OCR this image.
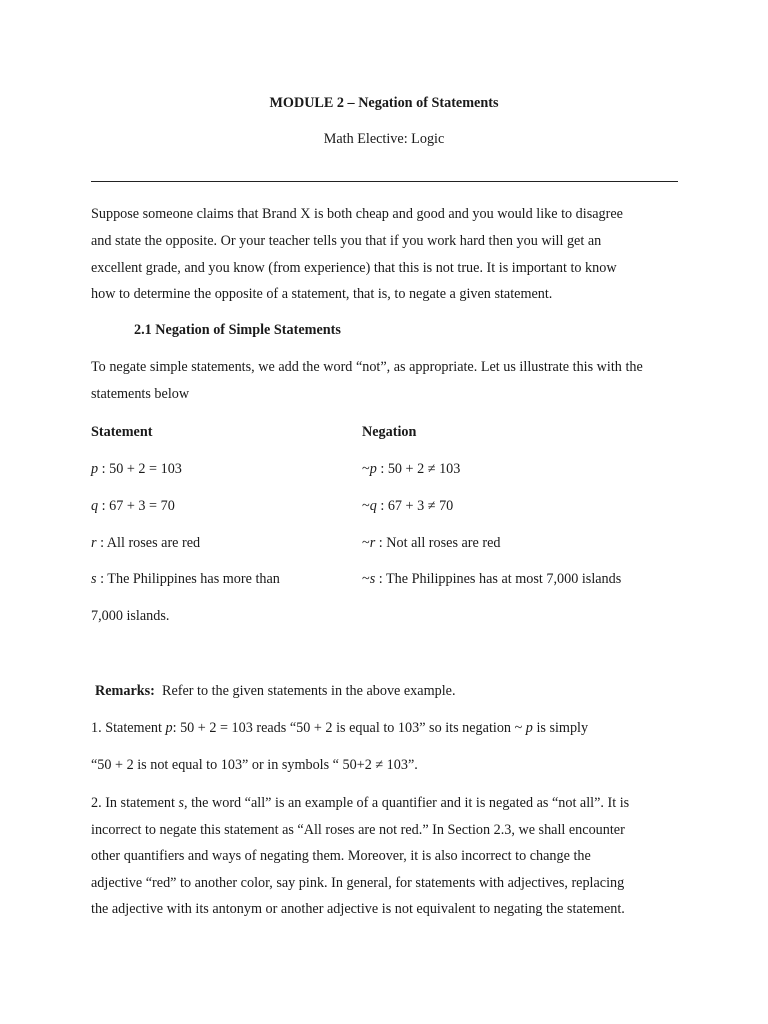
MODULE 2 – Negation of Statements
Math Elective: Logic
Suppose someone claims that Brand X is both cheap and good and you would like to disagree
and state the opposite. Or your teacher tells you that if you work hard then you will get an
excellent grade, and you know (from experience) that this is not true. It is important to know
how to determine the opposite of a statement, that is, to negate a given statement.
2.1 Negation of Simple Statements
To negate simple statements, we add the word “not”, as appropriate. Let us illustrate this with the
statements below
Statement	Negation
p : 50 + 2 = 103	~p : 50 + 2 ≠ 103
q : 67 + 3 = 70	~q : 67 + 3 ≠ 70
r : All roses are red	~r : Not all roses are red
s : The Philippines has more than	~s : The Philippines has at most 7,000 islands
7,000 islands.
Remarks: Refer to the given statements in the above example.
1. Statement p: 50 + 2 = 103 reads “50 + 2 is equal to 103” so its negation ~ p is simply
“50 + 2 is not equal to 103” or in symbols “ 50+2 ≠ 103”.
2. In statement s, the word “all” is an example of a quantifier and it is negated as “not all”. It is
incorrect to negate this statement as “All roses are not red.” In Section 2.3, we shall encounter
other quantifiers and ways of negating them. Moreover, it is also incorrect to change the
adjective “red” to another color, say pink. In general, for statements with adjectives, replacing
the adjective with its antonym or another adjective is not equivalent to negating the statement.
